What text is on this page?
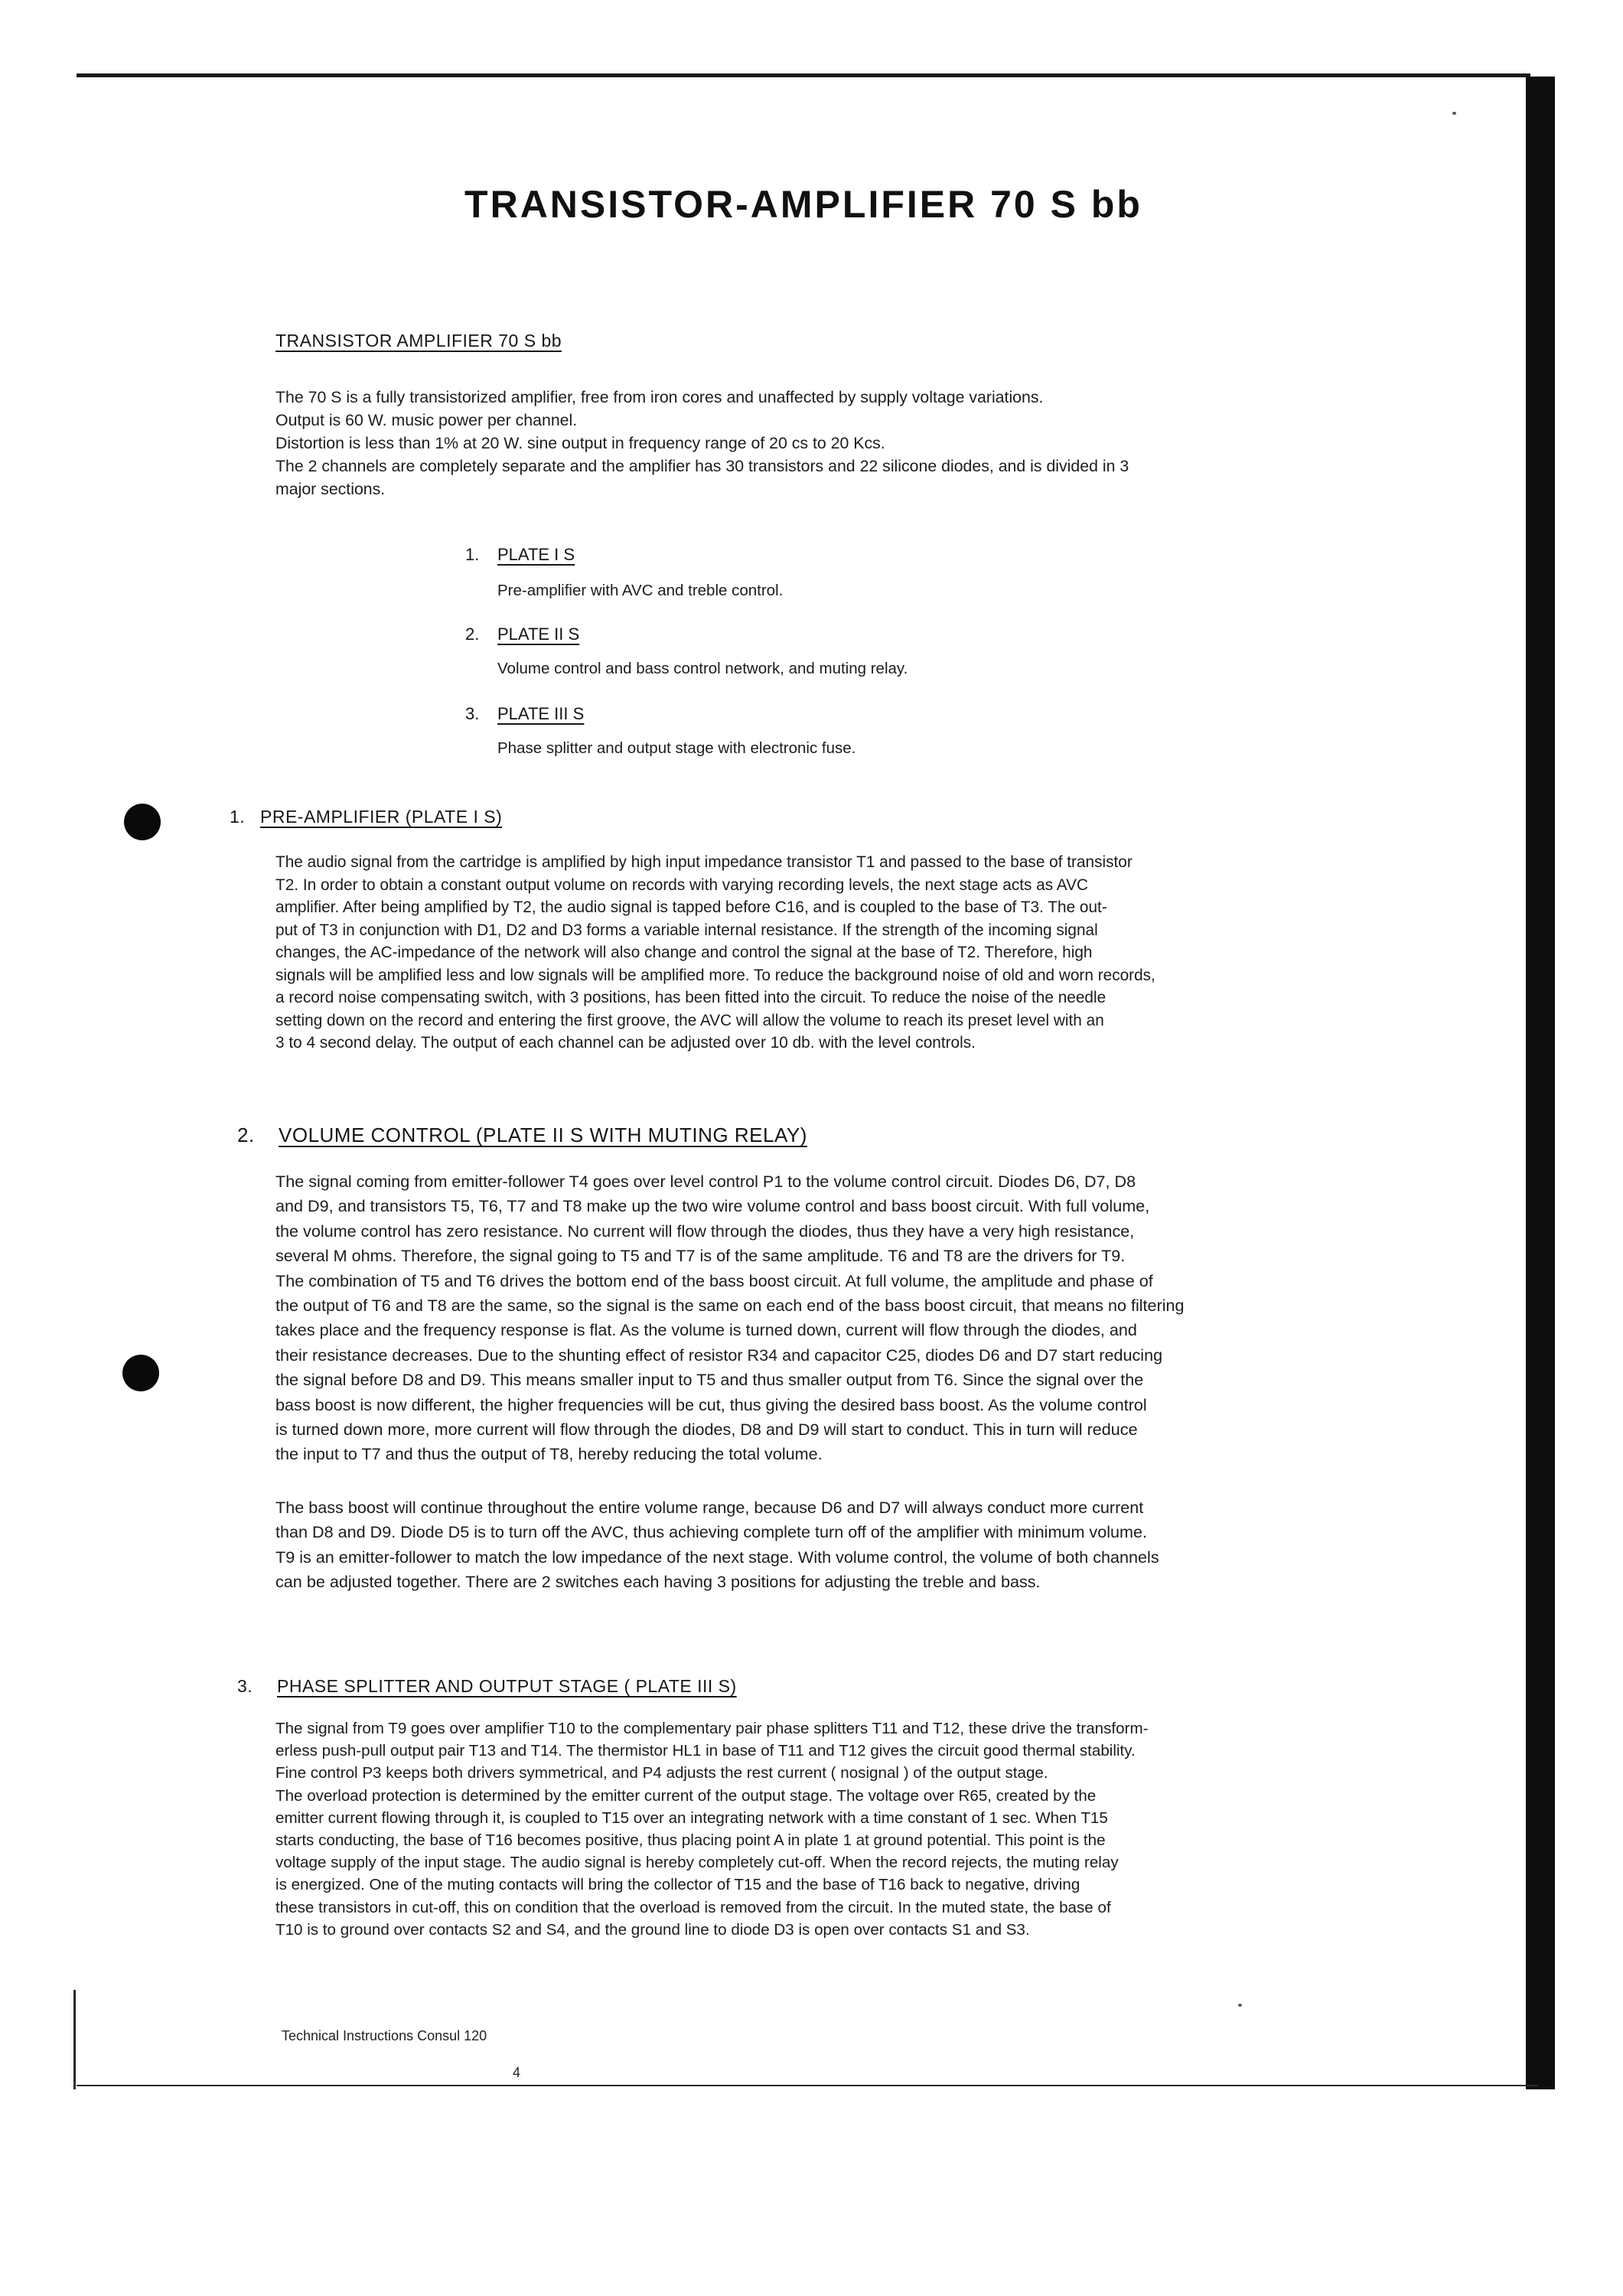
TRANSISTOR-AMPLIFIER 70 S bb
TRANSISTOR AMPLIFIER 70 S bb
The 70 S is a fully transistorized amplifier, free from iron cores and unaffected by supply voltage variations.
Output is 60 W. music power per channel.
Distortion is less than 1% at 20 W. sine output in frequency range of 20 cs to 20 Kcs.
The 2 channels are completely separate and the amplifier has 30 transistors and 22 silicone diodes, and is divided in 3
major sections.
1. PLATE I S
Pre-amplifier with AVC and treble control.
2. PLATE II S
Volume control and bass control network, and muting relay.
3. PLATE III S
Phase splitter and output stage with electronic fuse.
1. PRE-AMPLIFIER (PLATE I S)
The audio signal from the cartridge is amplified by high input impedance transistor T1 and passed to the base of transistor
T2. In order to obtain a constant output volume on records with varying recording levels, the next stage acts as AVC
amplifier. After being amplified by T2, the audio signal is tapped before C16, and is coupled to the base of T3. The out-
put of T3 in conjunction with D1, D2 and D3 forms a variable internal resistance. If the strength of the incoming signal
changes, the AC-impedance of the network will also change and control the signal at the base of T2. Therefore, high
signals will be amplified less and low signals will be amplified more. To reduce the background noise of old and worn records,
a record noise compensating switch, with 3 positions, has been fitted into the circuit. To reduce the noise of the needle
setting down on the record and entering the first groove, the AVC will allow the volume to reach its preset level with an
3 to 4 second delay. The output of each channel can be adjusted over 10 db. with the level controls.
2. VOLUME CONTROL (PLATE II S WITH MUTING RELAY)
The signal coming from emitter-follower T4 goes over level control P1 to the volume control circuit. Diodes D6, D7, D8
and D9, and transistors T5, T6, T7 and T8 make up the two wire volume control and bass boost circuit. With full volume,
the volume control has zero resistance. No current will flow through the diodes, thus they have a very high resistance,
several M ohms. Therefore, the signal going to T5 and T7 is of the same amplitude. T6 and T8 are the drivers for T9.
The combination of T5 and T6 drives the bottom end of the bass boost circuit. At full volume, the amplitude and phase of
the output of T6 and T8 are the same, so the signal is the same on each end of the bass boost circuit, that means no filtering
takes place and the frequency response is flat. As the volume is turned down, current will flow through the diodes, and
their resistance decreases. Due to the shunting effect of resistor R34 and capacitor C25, diodes D6 and D7 start reducing
the signal before D8 and D9. This means smaller input to T5 and thus smaller output from T6. Since the signal over the
bass boost is now different, the higher frequencies will be cut, thus giving the desired bass boost. As the volume control
is turned down more, more current will flow through the diodes, D8 and D9 will start to conduct. This in turn will reduce
the input to T7 and thus the output of T8, hereby reducing the total volume.
The bass boost will continue throughout the entire volume range, because D6 and D7 will always conduct more current
than D8 and D9. Diode D5 is to turn off the AVC, thus achieving complete turn off of the amplifier with minimum volume.
T9 is an emitter-follower to match the low impedance of the next stage. With volume control, the volume of both channels
can be adjusted together. There are 2 switches each having 3 positions for adjusting the treble and bass.
3. PHASE SPLITTER AND OUTPUT STAGE ( PLATE III S)
The signal from T9 goes over amplifier T10 to the complementary pair phase splitters T11 and T12, these drive the transform-
erless push-pull output pair T13 and T14. The thermistor HL1 in base of T11 and T12 gives the circuit good thermal stability.
Fine control P3 keeps both drivers symmetrical, and P4 adjusts the rest current ( nosignal ) of the output stage.
The overload protection is determined by the emitter current of the output stage. The voltage over R65, created by the
emitter current flowing through it, is coupled to T15 over an integrating network with a time constant of 1 sec. When T15
starts conducting, the base of T16 becomes positive, thus placing point A in plate 1 at ground potential. This point is the
voltage supply of the input stage. The audio signal is hereby completely cut-off. When the record rejects, the muting relay
is energized. One of the muting contacts will bring the collector of T15 and the base of T16 back to negative, driving
these transistors in cut-off, this on condition that the overload is removed from the circuit. In the muted state, the base of
T10 is to ground over contacts S2 and S4, and the ground line to diode D3 is open over contacts S1 and S3.
Technical Instructions Consul 120
4
